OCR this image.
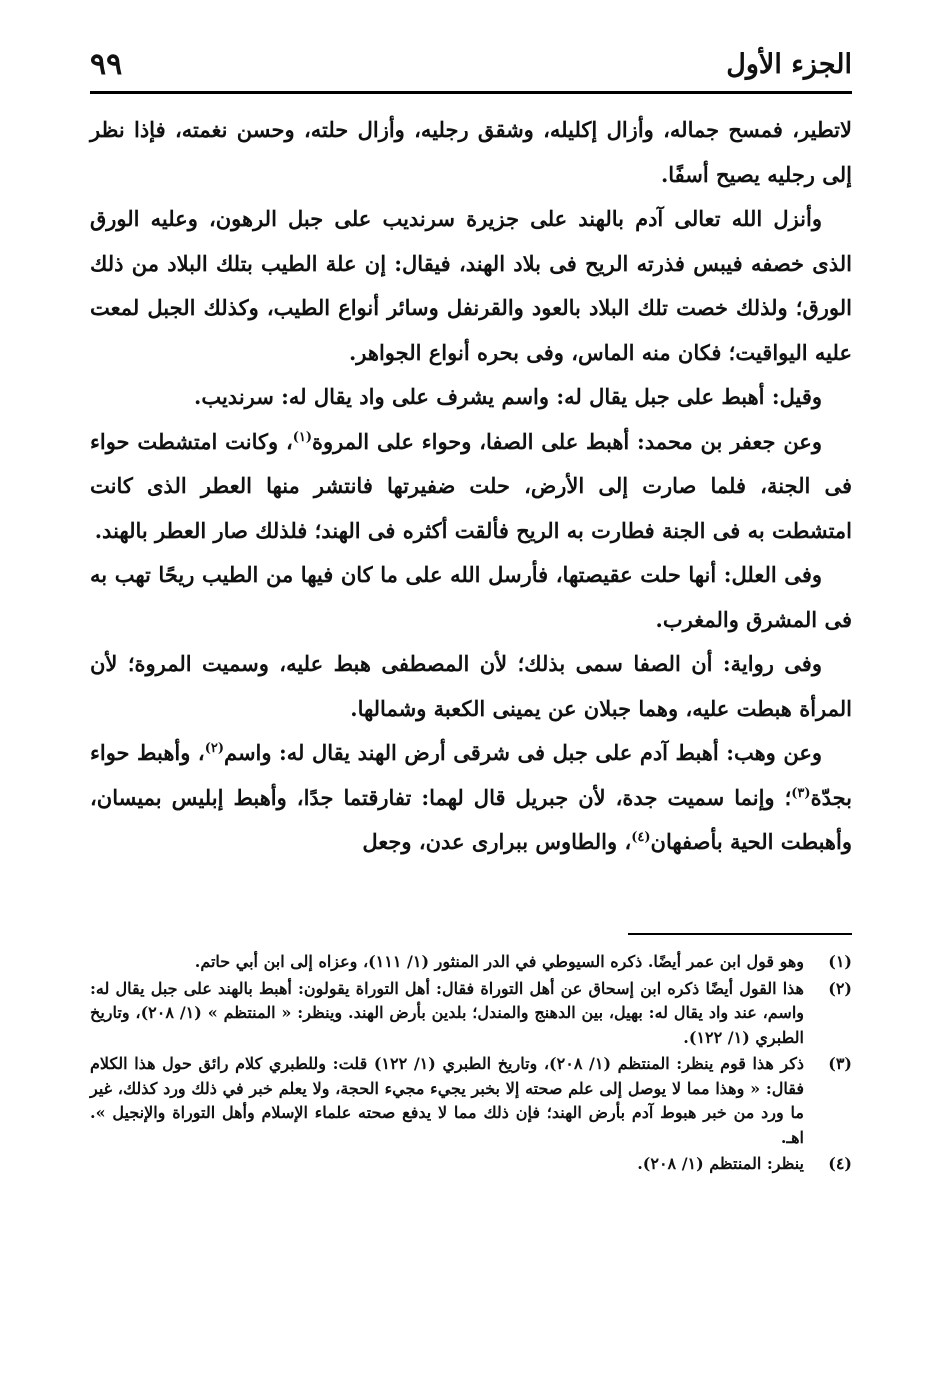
الجزء الأول
٩٩

لاتطير، فمسح جماله، وأزال إكليله، وشقق رجليه، وأزال حلته، وحسن نغمته، فإذا نظر إلى رجليه يصيح أسفًا.

وأنزل الله تعالى آدم بالهند على جزيرة سرنديب على جبل الرهون، وعليه الورق الذى خصفه فيبس فذرته الريح فى بلاد الهند، فيقال: إن علة الطيب بتلك البلاد من ذلك الورق؛ ولذلك خصت تلك البلاد بالعود والقرنفل وسائر أنواع الطيب، وكذلك الجبل لمعت عليه اليواقيت؛ فكان منه الماس، وفى بحره أنواع الجواهر.

وقيل: أهبط على جبل يقال له: واسم يشرف على واد يقال له: سرنديب.

وعن جعفر بن محمد: أهبط على الصفا، وحواء على المروة$^{(١)}$، وكانت امتشطت حواء فى الجنة، فلما صارت إلى الأرض، حلت ضفيرتها فانتشر منها العطر الذى كانت امتشطت به فى الجنة فطارت به الريح فألقت أكثره فى الهند؛ فلذلك صار العطر بالهند.

وفى العلل: أنها حلت عقيصتها، فأرسل الله على ما كان فيها من الطيب ريحًا تهب به فى المشرق والمغرب.

وفى رواية: أن الصفا سمى بذلك؛ لأن المصطفى هبط عليه، وسميت المروة؛ لأن المرأة هبطت عليه، وهما جبلان عن يمينى الكعبة وشمالها.

وعن وهب: أهبط آدم على جبل فى شرقى أرض الهند يقال له: واسم$^{(٢)}$، وأهبط حواء بجدّة$^{(٣)}$؛ وإنما سميت جدة، لأن جبريل قال لهما: تفارقتما جدًا، وأهبط إبليس بميسان، وأهبطت الحية بأصفهان$^{(٤)}$، والطاوس ببرارى عدن، وجعل

(١)
وهو قول ابن عمر أيضًا. ذكره السيوطي في الدر المنثور (١/ ١١١)، وعزاه إلى ابن أبي حاتم.
(٢)
هذا القول أيضًا ذكره ابن إسحاق عن أهل التوراة فقال: أهل التوراة يقولون: أهبط بالهند على جبل يقال له: واسم، عند واد يقال له: بهيل، بين الدهنج والمندل؛ بلدين بأرض الهند. وينظر: « المنتظم » (١/ ٢٠٨)، وتاريخ الطبري (١/ ١٢٢).
(٣)
ذكر هذا قوم ينظر: المنتظم (١/ ٢٠٨)، وتاريخ الطبري (١/ ١٢٢) قلت: وللطبري كلام رائق حول هذا الكلام فقال: « وهذا مما لا يوصل إلى علم صحته إلا بخبر يجيء مجيء الحجة، ولا يعلم خبر في ذلك ورد كذلك، غير ما ورد من خبر هبوط آدم بأرض الهند؛ فإن ذلك مما لا يدفع صحته علماء الإسلام وأهل التوراة والإنجيل ». اهـ.
(٤)
ينظر: المنتظم (١/ ٢٠٨).
